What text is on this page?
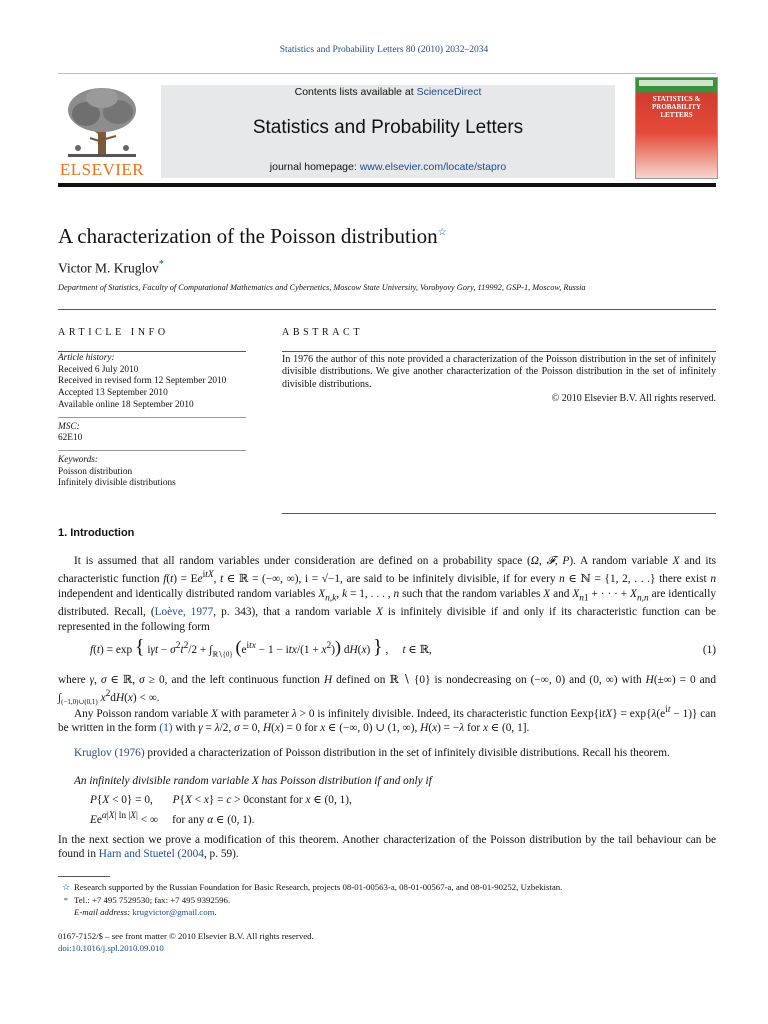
Statistics and Probability Letters 80 (2010) 2032–2034
ELSEVIER
Contents lists available at ScienceDirect
Statistics and Probability Letters
journal homepage: www.elsevier.com/locate/stapro
STATISTICS & PROBABILITY LETTERS
A characterization of the Poisson distribution☆
Victor M. Kruglov*
Department of Statistics, Faculty of Computational Mathematics and Cybernetics, Moscow State University, Vorobyovy Gory, 119992, GSP-1, Moscow, Russia
ARTICLE INFO
Article history:
Received 6 July 2010
Received in revised form 12 September 2010
Accepted 13 September 2010
Available online 18 September 2010
MSC:
62E10
Keywords:
Poisson distribution
Infinitely divisible distributions
ABSTRACT
In 1976 the author of this note provided a characterization of the Poisson distribution in the set of infinitely divisible distributions. We give another characterization of the Poisson distribution in the set of infinitely divisible distributions.
© 2010 Elsevier B.V. All rights reserved.
1. Introduction
It is assumed that all random variables under consideration are defined on a probability space (Ω, 𝓕, P). A random variable X and its characteristic function $f(t) = Ee^{itX}$, t ∈ ℝ = (−∞, ∞), i = √−1, are said to be infinitely divisible, if for every n ∈ ℕ = {1, 2, . . .} there exist n independent and identically distributed random variables $X_{n,k}$, k = 1, . . . , n such that the random variables X and $X_{n1}$ + · · · + $X_{n,n}$ are identically distributed. Recall, (Loève, 1977, p. 343), that a random variable X is infinitely divisible if and only if its characteristic function can be represented in the following form
f(t) = exp { $i\gamma t - \sigma^2t^2/2 + \int_{ℝ∖\{0\}}$ $(e^{itx} - 1 - itx/(1 + x^2))$ dH(x) } ,     t ∈ ℝ,	(1)
where γ, σ ∈ ℝ, σ ≥ 0, and the left continuous function H defined on ℝ ∖ {0} is nondecreasing on (−∞, 0) and (0, ∞) with H(±∞) = 0 and $\int_{(-1,0)\cup(0,1)}$ $x^2dH(x)$ < ∞.
Any Poisson random variable X with parameter λ > 0 is infinitely divisible. Indeed, its characteristic function $Eexp\{itX\} = \exp\{\lambda(e^{it} - 1)\}$ can be written in the form (1) with γ = λ/2, σ = 0, H(x) = 0 for x ∈ (−∞, 0) ∪ (1, ∞), H(x) = −λ for x ∈ (0, 1].
Kruglov (1976) provided a characterization of Poisson distribution in the set of infinitely divisible distributions. Recall his theorem.
An infinitely divisible random variable X has Poisson distribution if and only if
P{X < 0} = 0,       P{X < x} = c > 0constant for x ∈ (0, 1),
$Ee^{\alpha|X| ln |X|}$ < ∞     for any α ∈ (0, 1).
In the next section we prove a modification of this theorem. Another characterization of the Poisson distribution by the tail behaviour can be found in Harn and Stuetel (2004, p. 59).
☆ Research supported by the Russian Foundation for Basic Research, projects 08-01-00563-a, 08-01-00567-a, and 08-01-90252, Uzbekistan.
* Tel.: +7 495 7529530; fax: +7 495 9392596.
E-mail address: krugvictor@gmail.com.
0167-7152/$ – see front matter © 2010 Elsevier B.V. All rights reserved.
doi:10.1016/j.spl.2010.09.010
